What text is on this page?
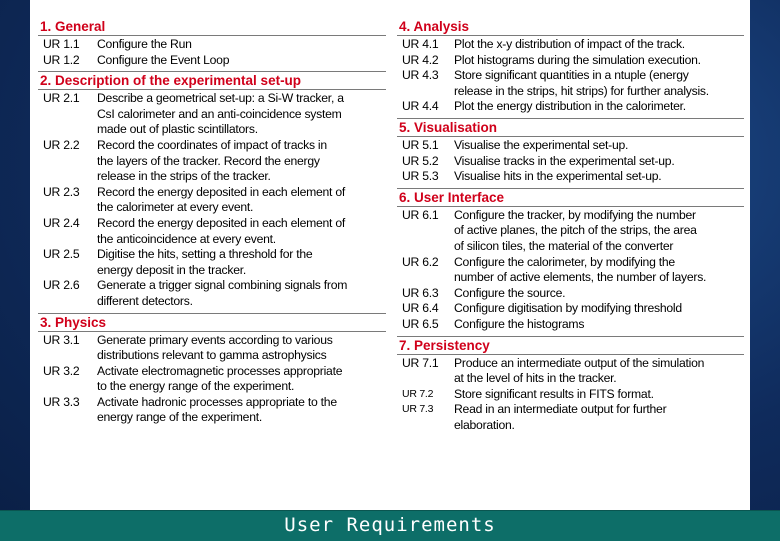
1. General
UR 1.1	Configure the Run
UR 1.2	Configure the Event Loop
2. Description of the experimental set-up
UR 2.1	Describe a geometrical set-up: a Si-W tracker, a
CsI calorimeter and an anti-coincidence system
made out of plastic scintillators.
UR 2.2	Record the coordinates of impact of tracks in
the layers of the tracker. Record the energy
release in the strips of the tracker.
UR 2.3	Record the energy deposited in each element of
the calorimeter at every event.
UR 2.4	Record the energy deposited in each element of
the anticoincidence at every event.
UR 2.5	Digitise the hits, setting a threshold for the
energy deposit in the tracker.
UR 2.6	Generate a trigger signal combining signals from
different detectors.
3. Physics
UR 3.1	Generate primary events according to various
distributions relevant to gamma astrophysics
UR 3.2	Activate electromagnetic processes appropriate
to the energy range of the experiment.
UR 3.3	Activate hadronic processes appropriate to the
energy range of the experiment.
4. Analysis
UR 4.1	Plot the x-y distribution of impact of the track.
UR 4.2	Plot histograms during the simulation execution.
UR 4.3	Store significant quantities in a ntuple (energy
release in the strips, hit strips) for further analysis.
UR 4.4	Plot the energy distribution in the calorimeter.
5. Visualisation
UR 5.1	Visualise the experimental set-up.
UR 5.2	Visualise tracks in the experimental set-up.
UR 5.3	Visualise hits in the experimental set-up.
6. User Interface
UR 6.1	Configure the tracker, by modifying the number
of active planes, the pitch of the strips, the area
of silicon tiles, the material of the converter
UR 6.2	Configure the calorimeter, by modifying the
number of active elements, the number of layers.
UR 6.3	Configure the source.
UR 6.4	Configure digitisation by modifying threshold
UR 6.5	Configure the histograms
7. Persistency
UR 7.1	Produce an intermediate output of the simulation
at the level of hits in the tracker.
UR 7.2	Store significant results in FITS format.
UR 7.3	Read in an intermediate output for further
elaboration.
User Requirements
